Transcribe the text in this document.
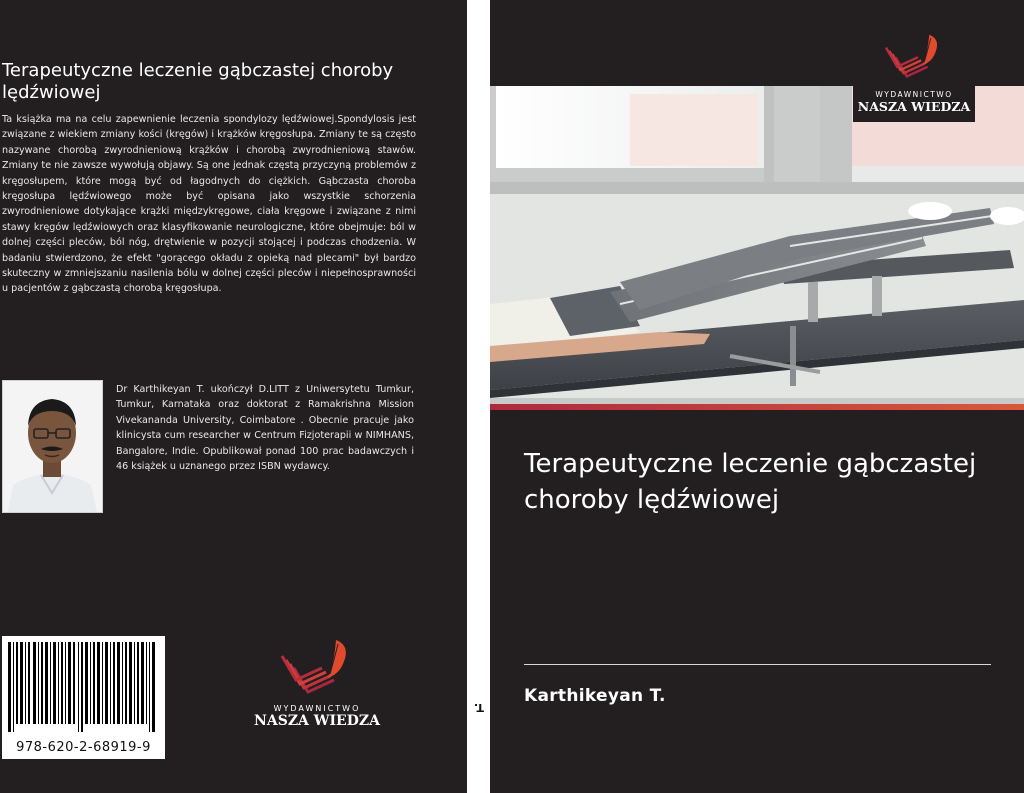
Terapeutyczne leczenie gąbczastej choroby lędźwiowej

Ta książka ma na celu zapewnienie leczenia spondylozy lędźwiowej.Spondylosis jest związane z wiekiem zmiany kości (kręgów) i krążków kręgosłupa. Zmiany te są często nazywane chorobą zwyrodnieniową krążków i chorobą zwyrodnieniową stawów. Zmiany te nie zawsze wywołują objawy. Są one jednak częstą przyczyną problemów z kręgosłupem, które mogą być od łagodnych do ciężkich. Gąbczasta choroba kręgosłupa lędźwiowego może być opisana jako wszystkie schorzenia zwyrodnieniowe dotykające krążki międzykręgowe, ciała kręgowe i związane z nimi stawy kręgów lędźwiowych oraz klasyfikowanie neurologiczne, które obejmuje: ból w dolnej części pleców, ból nóg, drętwienie w pozycji stojącej i podczas chodzenia. W badaniu stwierdzono, że efekt "gorącego okładu z opieką nad plecami" był bardzo skuteczny w zmniejszaniu nasilenia bólu w dolnej części pleców i niepełnosprawności u pacjentów z gąbczastą chorobą kręgosłupa.

Dr Karthikeyan T. ukończył D.LITT z Uniwersytetu Tumkur, Tumkur, Karnataka oraz doktorat z Ramakrishna Mission Vivekananda University, Coimbatore . Obecnie pracuje jako klinicysta cum researcher w Centrum Fizjoterapii w NIMHANS, Bangalore, Indie. Opublikował ponad 100 prac badawczych i 46 książek u uznanego przez ISBN wydawcy.

978-620-2-68919-9
WYDAWNICTWO
NASZA WIEDZA
T.
WYDAWNICTWO
NASZA WIEDZA
Terapeutyczne leczenie gąbczastej choroby lędźwiowej

Karthikeyan T.
